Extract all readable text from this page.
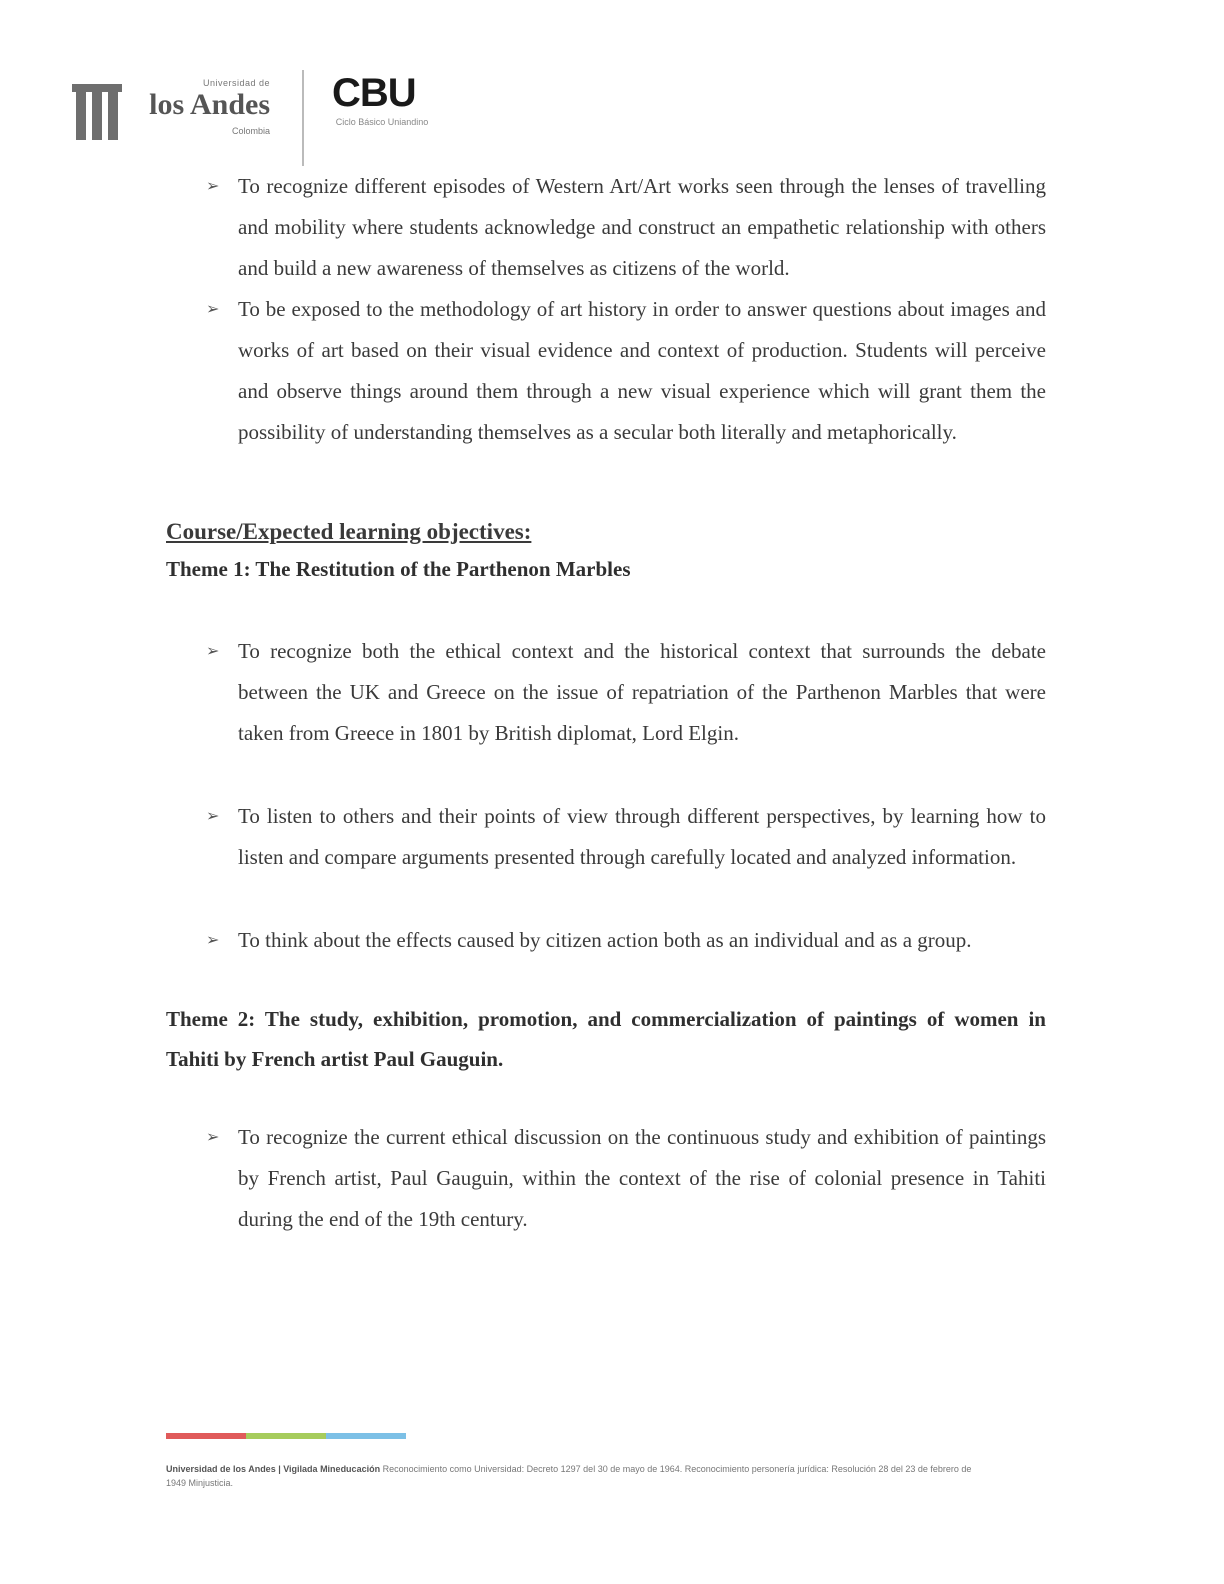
Universidad de
los Andes
Colombia
CBU
Ciclo Básico Uniandino
➢ To recognize different episodes of Western Art/Art works seen through the lenses of travelling and mobility where students acknowledge and construct an empathetic relationship with others and build a new awareness of themselves as citizens of the world.
➢ To be exposed to the methodology of art history in order to answer questions about images and works of art based on their visual evidence and context of production. Students will perceive and observe things around them through a new visual experience which will grant them the possibility of understanding themselves as a secular both literally and metaphorically.
Course/Expected learning objectives:
Theme 1: The Restitution of the Parthenon Marbles
➢ To recognize both the ethical context and the historical context that surrounds the debate between the UK and Greece on the issue of repatriation of the Parthenon Marbles that were taken from Greece in 1801 by British diplomat, Lord Elgin.
➢ To listen to others and their points of view through different perspectives, by learning how to listen and compare arguments presented through carefully located and analyzed information.
➢ To think about the effects caused by citizen action both as an individual and as a group.
Theme 2: The study, exhibition, promotion, and commercialization of paintings of women in Tahiti by French artist Paul Gauguin.
➢ To recognize the current ethical discussion on the continuous study and exhibition of paintings by French artist, Paul Gauguin, within the context of the rise of colonial presence in Tahiti during the end of the 19th century.
Universidad de los Andes | Vigilada Mineducación Reconocimiento como Universidad: Decreto 1297 del 30 de mayo de 1964. Reconocimiento personería jurídica: Resolución 28 del 23 de febrero de 1949 Minjusticia.
